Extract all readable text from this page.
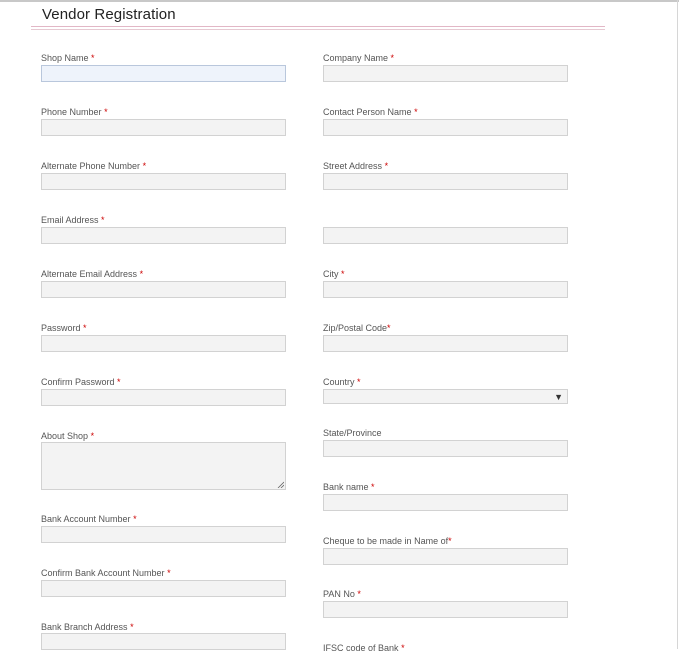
Vendor Registration
Shop Name *
Phone Number *
Alternate Phone Number *
Email Address *
Alternate Email Address *
Password *
Confirm Password *
About Shop *
Bank Account Number *
Confirm Bank Account Number *
Bank Branch Address *
Company Name *
Contact Person Name *
Street Address *
City *
Zip/Postal Code*
Country *
▼
State/Province
Bank name *
Cheque to be made in Name of*
PAN No *
IFSC code of Bank *
